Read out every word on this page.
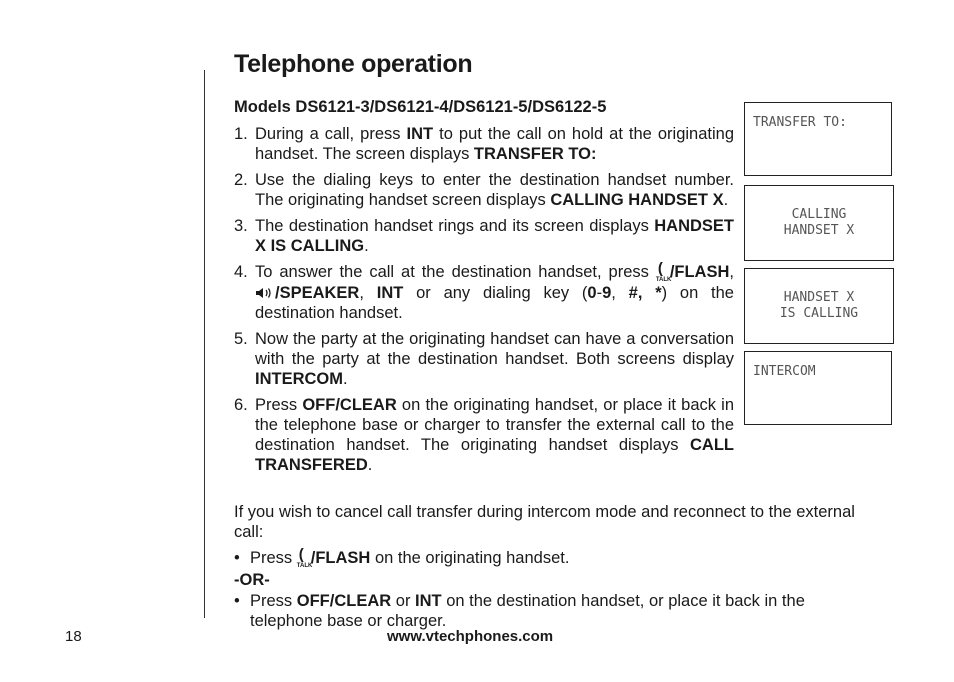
Telephone operation
Models DS6121-3/DS6121-4/DS6121-5/DS6122-5
1. During a call, press INT to put the call on hold at the originating handset. The screen displays TRANSFER TO:
2. Use the dialing keys to enter the destination handset number. The originating handset screen displays CALLING HANDSET X.
3. The destination handset rings and its screen displays HANDSET X IS CALLING.
4. To answer the call at the destination handset, press (
TALK
/FLASH, /SPEAKER, INT or any dialing key (0-9, #, *) on the destination handset.
5. Now the party at the originating handset can have a conversation with the party at the destination handset. Both screens display INTERCOM.
6. Press OFF/CLEAR on the originating handset, or place it back in the telephone base or charger to transfer the external call to the destination handset. The originating handset displays CALL TRANSFERED.

If you wish to cancel call transfer during intercom mode and reconnect to the external call:

• Press (
TALK
/FLASH on the originating handset.
-OR-
• Press OFF/CLEAR or INT on the destination handset, or place it back in the telephone base or charger.
TRANSFER TO:
CALLING
HANDSET X
HANDSET X
IS CALLING
INTERCOM
18	www.vtechphones.com
